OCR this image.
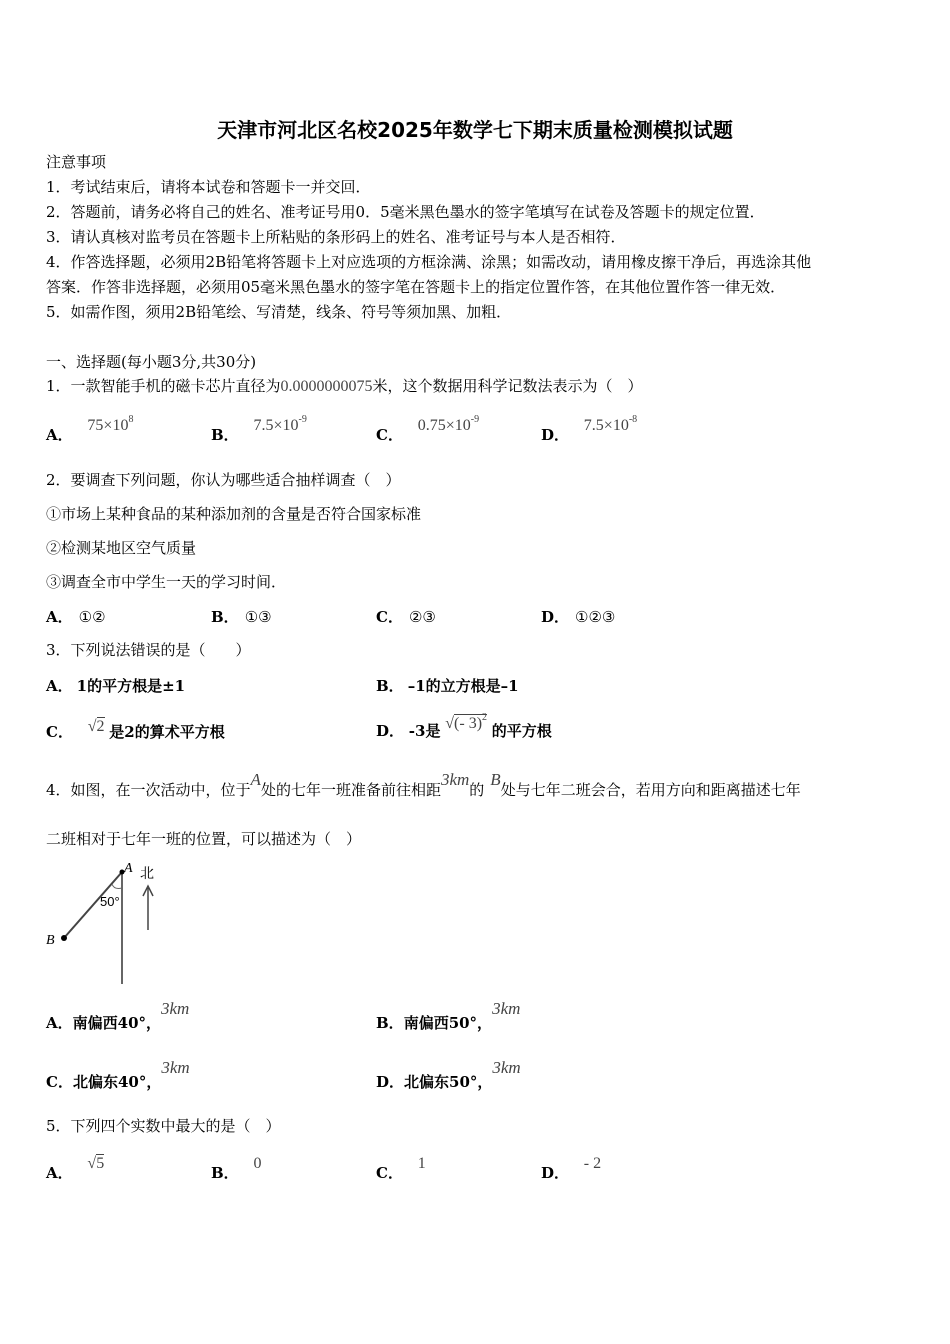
天津市河北区名校2025年数学七下期末质量检测模拟试题
注意事项
1．考试结束后，请将本试卷和答题卡一并交回．
2．答题前，请务必将自己的姓名、准考证号用0．5毫米黑色墨水的签字笔填写在试卷及答题卡的规定位置．
3．请认真核对监考员在答题卡上所粘贴的条形码上的姓名、准考证号与本人是否相符．
4．作答选择题，必须用2B铅笔将答题卡上对应选项的方框涂满、涂黑；如需改动，请用橡皮擦干净后，再选涂其他
答案．作答非选择题，必须用05毫米黑色墨水的签字笔在答题卡上的指定位置作答，在其他位置作答一律无效．
5．如需作图，须用2B铅笔绘、写清楚，线条、符号等须加黑、加粗．
一、选择题(每小题3分,共30分)
1．一款智能手机的磁卡芯片直径为0.0000000075米，这个数据用科学记数法表示为（　）
A． $75\times 10^8$
B． $7.5\times 10^{-9}$
C． $0.75\times 10^{-9}$
D． $7.5\times 10^{-8}$
2．要调查下列问题，你认为哪些适合抽样调查（　）
①市场上某种食品的某种添加剂的含量是否符合国家标准
②检测某地区空气质量
③调查全市中学生一天的学习时间．
A． ①②	B． ①③	C． ②③	D． ①②③
3．下列说法错误的是（　　）
A． 1的平方根是±1	B． –1的立方根是–1
C． √2 是2的算术平方根	D． -3是 √(- 3)$^2$ 的平方根
4．如图，在一次活动中，位于A处的七年一班准备前往相距3km的B处与七年二班会合，若用方向和距离描述七年
二班相对于七年一班的位置，可以描述为（　）
A
B
北
50°
A．南偏西40°，3km
B．南偏西50°，3km
C．北偏东40°，3km
D．北偏东50°，3km
5．下列四个实数中最大的是（　）
A． √5
B． 0
C． 1
D． - 2
